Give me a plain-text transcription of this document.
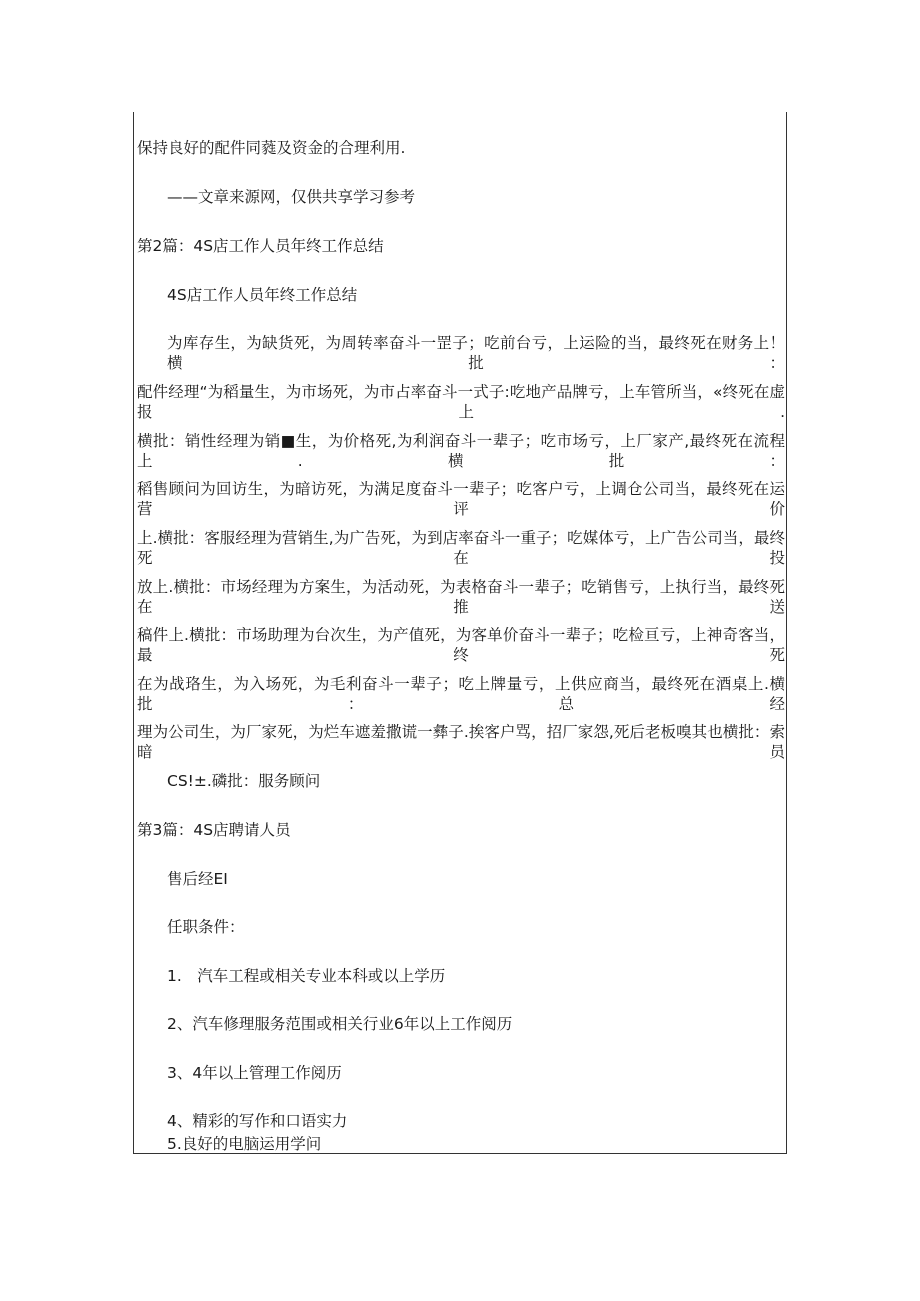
保持良好的配件同蕤及资金的合理利用.
——文章来源网，仅供共享学习参考
第2篇：4S店工作人员年终工作总结
4S店工作人员年终工作总结
为库存生，为缺货死，为周转率奋斗一罡子；吃前台亏，上运险的当，最终死在财务上！横批：
配件经理“为稻量生，为市场死，为市占率奋斗一式子:吃地产品牌亏，上车管所当，«终死在虚报上.
横批：销性经理为销■生，为价格死,为利润奋斗一辈子；吃市场亏，上厂家产,最终死在流程上.横批：
稻售顾问为回访生，为暗访死，为满足度奋斗一辈子；吃客户亏，上调仓公司当，最终死在运营评价
上.横批：客服经理为营销生,为广告死，为到店率奋斗一重子；吃媒体亏，上广告公司当，最终死在投
放上.横批：市场经理为方案生，为活动死，为表格奋斗一辈子；吃销售亏，上执行当，最终死在推送
稿件上.横批：市场助理为台次生，为产值死，为客单价奋斗一辈子；吃检亘亏，上神奇客当，最终死
在为战珞生，为入场死，为毛利奋斗一辈子；吃上牌量亏，上供应商当，最终死在酒桌上.横批：总经
理为公司生，为厂家死，为烂车遮羞撒谎一彝子.挨客户骂，招厂家怨,死后老板嗅其也横批：索暗员
CS!±.磷批：服务顾问
第3篇：4S店聘请人员
售后经EI
任职条件：
1.　汽车工程或相关专业本科或以上学历
2、汽车修理服务范围或相关行业6年以上工作阅历
3、4年以上管理工作阅历
4、精彩的写作和口语实力
5.良好的电脑运用学问
